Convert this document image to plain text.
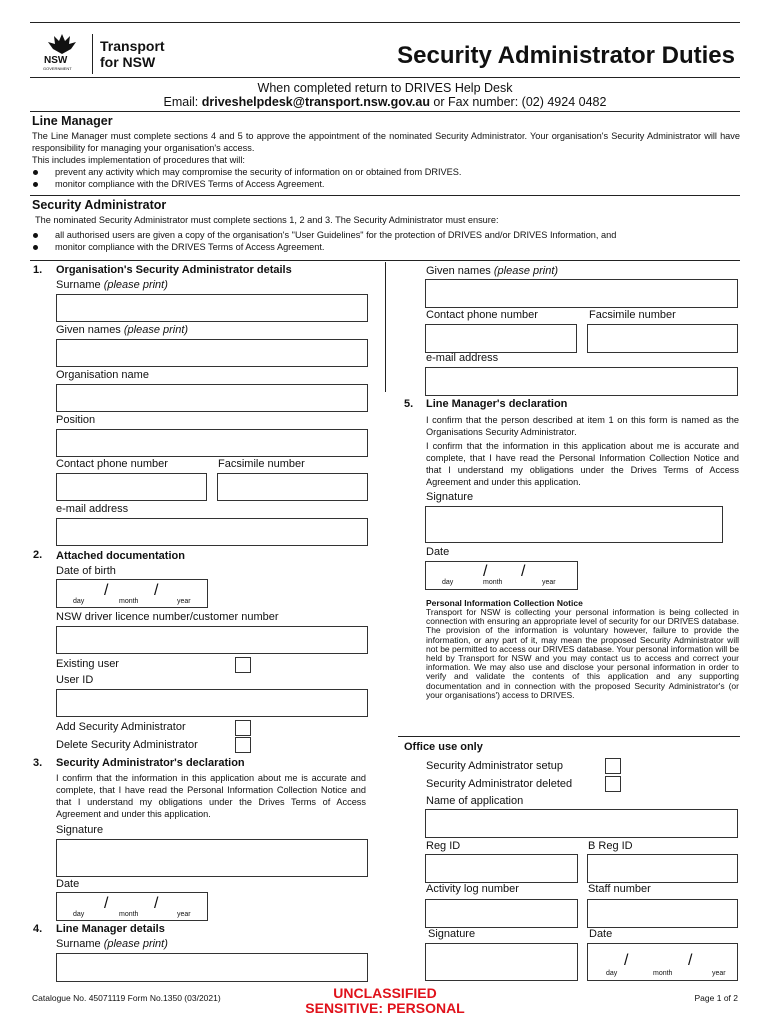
NSW
GOVERNMENT
Transport
for NSW	Security Administrator Duties
When completed return to DRIVES Help Desk
Email: driveshelpdesk@transport.nsw.gov.au or Fax number: (02) 4924 0482
Line Manager
The Line Manager must complete sections 4 and 5 to approve the appointment of the nominated Security Administrator. Your organisation's Security Administrator will have responsibility for managing your organisation's access.
This includes implementation of procedures that will:
prevent any activity which may compromise the security of information on or obtained from DRIVES.
monitor compliance with the DRIVES Terms of Access Agreement.
Security Administrator
The nominated Security Administrator must complete sections 1, 2 and 3. The Security Administrator must ensure:
all authorised users are given a copy of the organisation's "User Guidelines" for the protection of DRIVES and/or DRIVES Information, and
monitor compliance with the DRIVES Terms of Access Agreement.
1. Organisation's Security Administrator details
Surname (please print)
Given names (please print)
Organisation name
Position
Contact phone number	Facsimile number
e-mail address
2. Attached documentation
Date of birth
/	/
day	month	year
NSW driver licence number/customer number
Existing user
User ID
Add Security Administrator
Delete Security Administrator
3. Security Administrator's declaration
I confirm that the information in this application about me is accurate and complete, that I have read the Personal Information Collection Notice and that I understand my obligations under the Drives Terms of Access Agreement and under this application.
Signature
Date
/	/
day	month	year
4. Line Manager details
Surname (please print)
Given names (please print)
Contact phone number	Facsimile number
e-mail address
5. Line Manager's declaration
I confirm that the person described at item 1 on this form is named as the Organisations Security Administrator.
I confirm that the information in this application about me is accurate and complete, that I have read the Personal Information Collection Notice and that I understand my obligations under the Drives Terms of Access Agreement and under this application.
Signature
Date
/ /
day	month	year
Personal Information Collection Notice
Transport for NSW is collecting your personal information is being collected in connection with ensuring an appropriate level of security for our DRIVES database. The provision of the information is voluntary however, failure to provide the information, or any part of it, may mean the proposed Security Administrator will not be permitted to access our DRIVES database. Your personal information will be held by Transport for NSW and you may contact us to access and correct your information. We may also use and disclose your personal information in order to verify and validate the contents of this application and any supporting documentation and in connection with the proposed Security Administrator's (or your organisations') access to DRIVES.
Office use only
Security Administrator setup
Security Administrator deleted
Name of application
Reg ID	B Reg ID
Activity log number	Staff number
Signature	Date
/	/
day	month	year
Catalogue No. 45071119 Form No.1350 (03/2021)	UNCLASSIFIED
SENSITIVE: PERSONAL
Page 1 of 2
